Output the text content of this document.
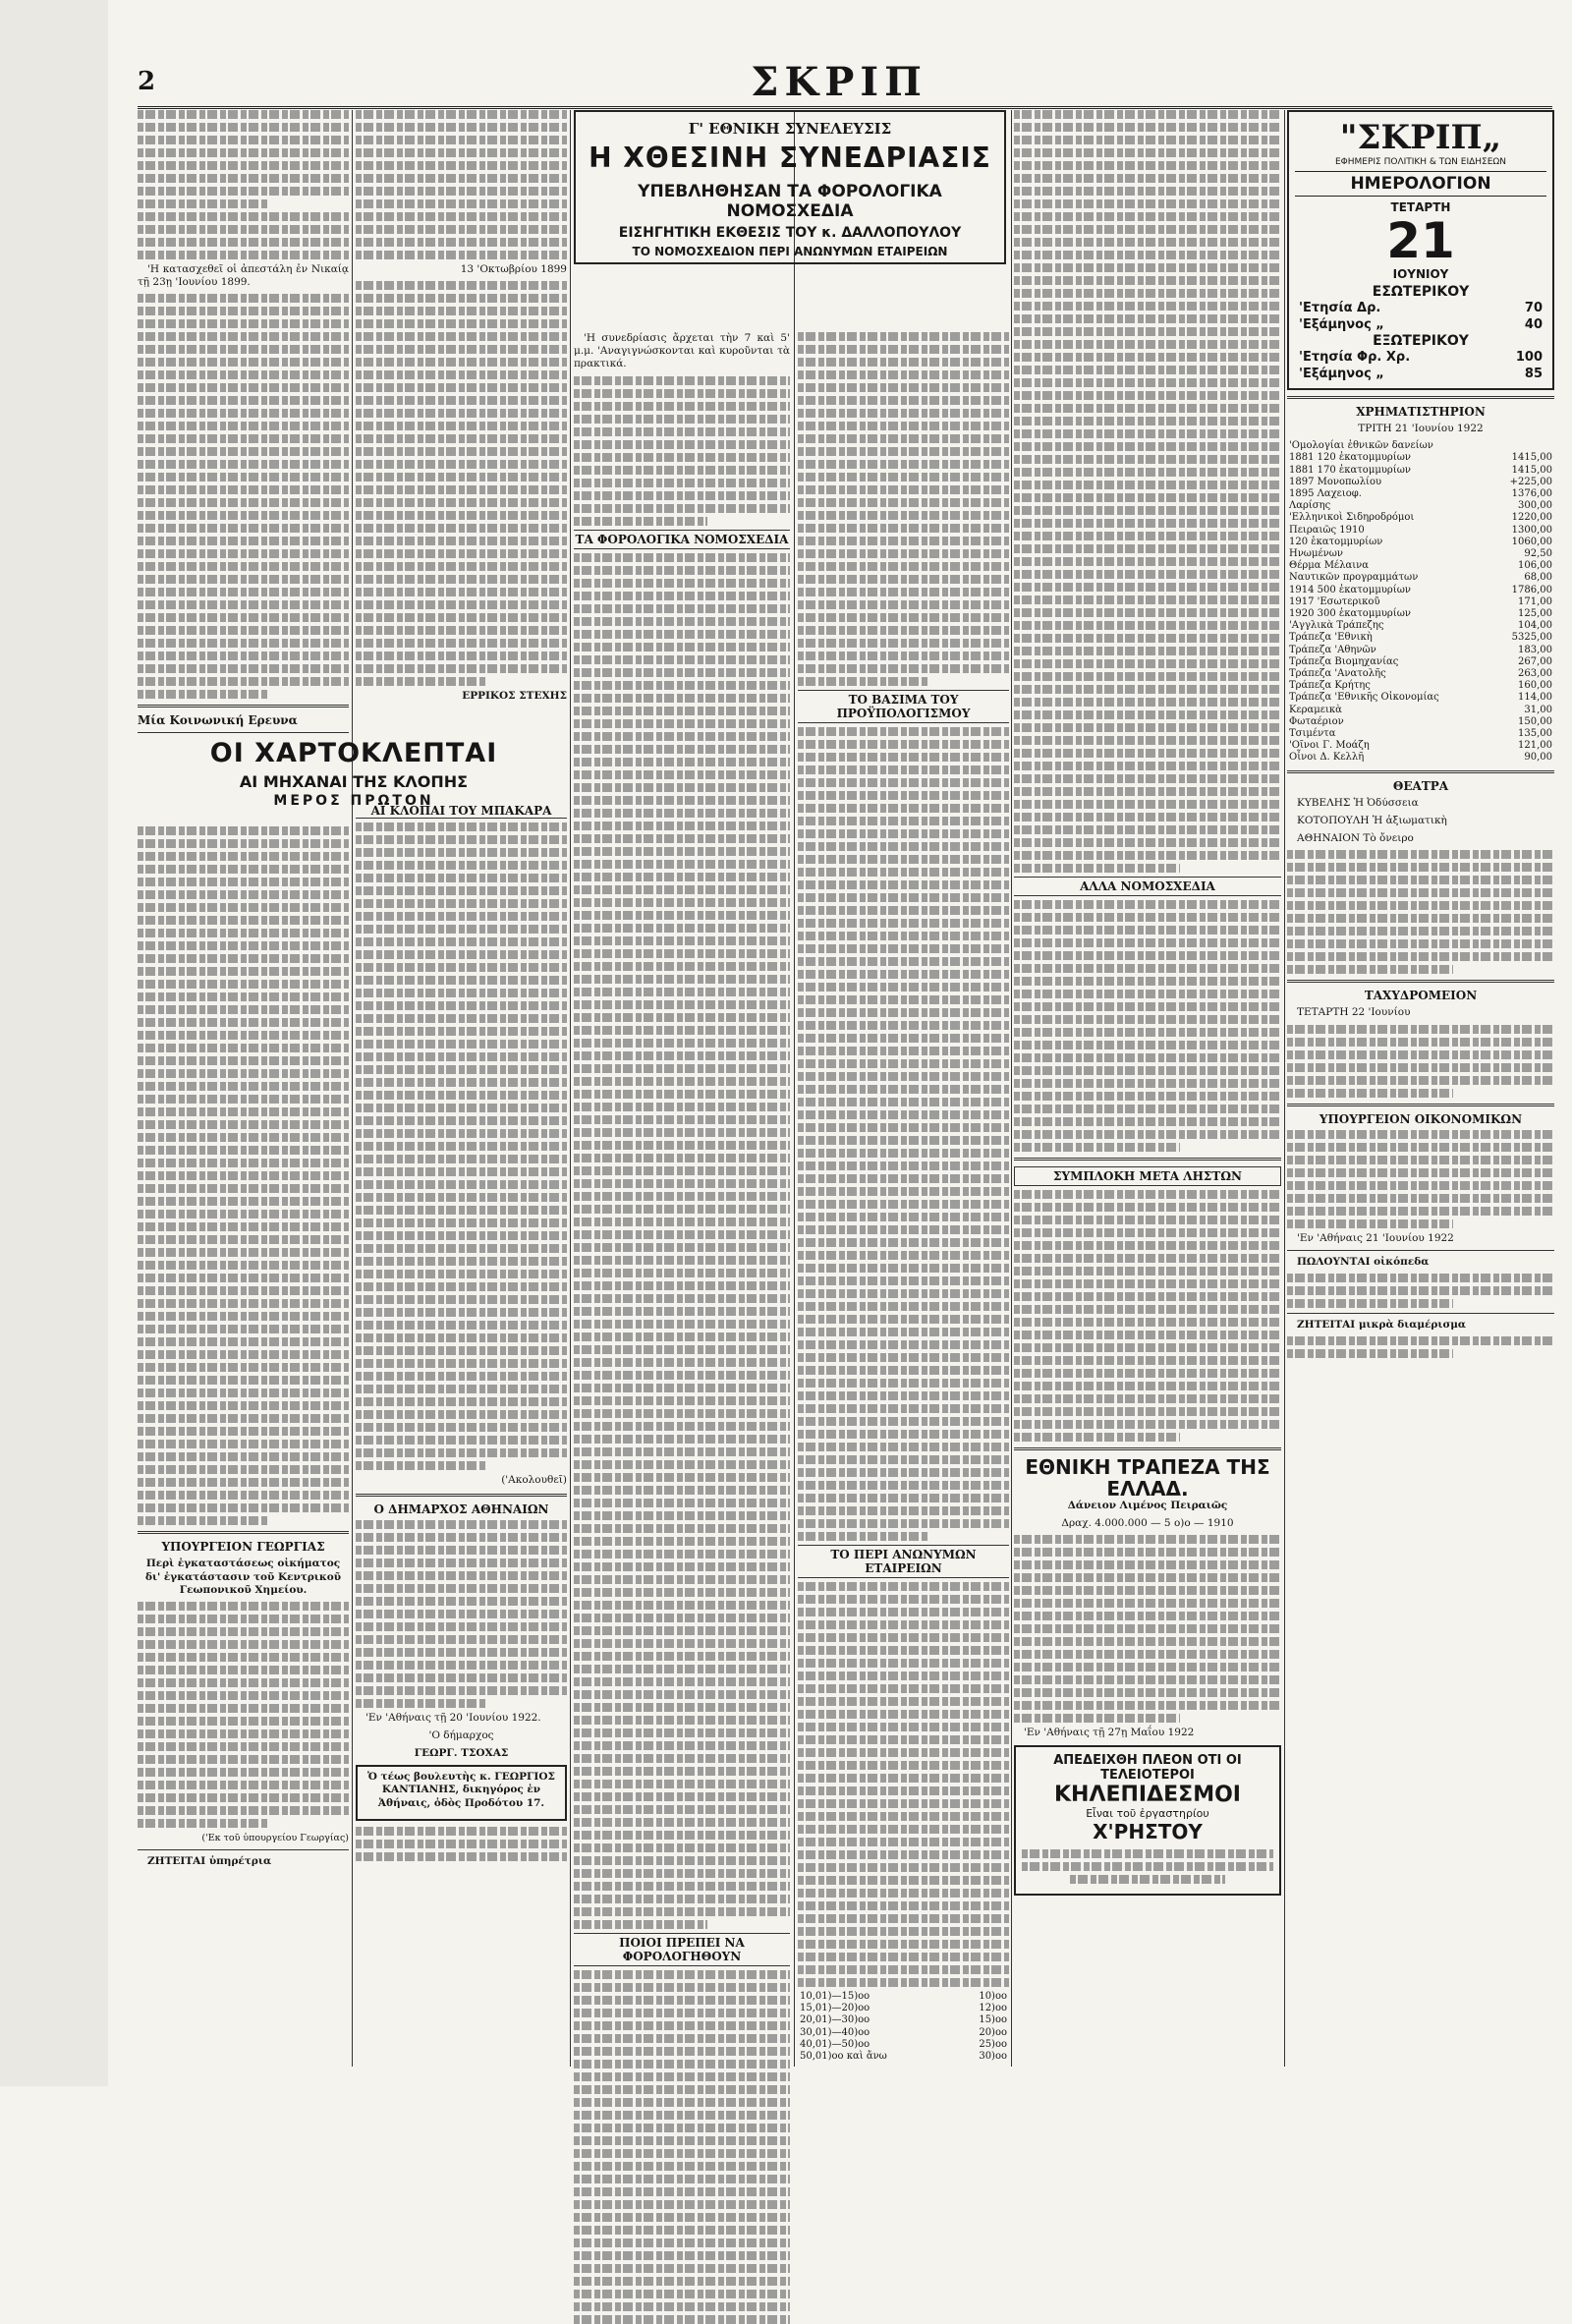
2	ΣΚΡΙΠ

'Η κατασχεθεῖ οἱ ἀπεστάλη ἐν Νικαίᾳ τῇ 23ῃ 'Ιουνίου 1899.

Μία Κοινωνική Ερευνα
ΟΙ ΧΑΡΤΟΚΛΕΠΤΑΙ
ΑΙ ΜΗΧΑΝΑΙ ΤΗΣ ΚΛΟΠΗΣ
ΜΕΡΟΣ ΠΡΩΤΟΝ
ΥΠΟΥΡΓΕΙΟΝ ΓΕΩΡΓΙΑΣ

Περὶ ἐγκαταστάσεως οἰκήματος δι' ἐγκατάστασιν τοῦ Κεντρικοῦ Γεωπονικοῦ Χημείου.

('Εκ τοῦ ὑπουργείου Γεωργίας)

ΖΗΤΕΙΤΑΙ ὑπηρέτρια

13 'Οκτωβρίου 1899

ΕΡΡΙΚΟΣ ΣΤΕΧΗΣ

ΑΙ ΚΛΟΠΑΙ ΤΟΥ ΜΠΑΚΑΡΑ

('Ακολουθεῖ)

Ο ΔΗΜΑΡΧΟΣ ΑΘΗΝΑΙΩΝ

'Εν 'Αθήναις τῇ 20 'Ιουνίου 1922.

'Ο δήμαρχος

ΓΕΩΡΓ. ΤΣΟΧΑΣ

Ὁ τέως βουλευτὴς κ. ΓΕΩΡΓΙΟΣ ΚΑΝΤΙΑΝΗΣ, δικηγόρος ἐν Ἀθήναις, ὁδὸς Προδότου 17.

Γ' ΕΘΝΙΚΗ ΣΥΝΕΛΕΥΣΙΣ
Η ΧΘΕΣΙΝΗ ΣΥΝΕΔΡΙΑΣΙΣ
ΥΠΕΒΛΗΘΗΣΑΝ ΤΑ ΦΟΡΟΛΟΓΙΚΑ ΝΟΜΟΣΧΕΔΙΑ
ΕΙΣΗΓΗΤΙΚΗ ΕΚΘΕΣΙΣ ΤΟΥ κ. ΔΑΛΛΟΠΟΥΛΟΥ
ΤΟ ΝΟΜΟΣΧΕΔΙΟΝ ΠΕΡΙ ΑΝΩΝΥΜΩΝ ΕΤΑΙΡΕΙΩΝ

'Η συνεδρίασις ἄρχεται τὴν 7 καὶ 5' μ.μ. 'Αναγιγνώσκονται καὶ κυροῦνται τὰ πρακτικά.

ΤΑ ΦΟΡΟΛΟΓΙΚΑ ΝΟΜΟΣΧΕΔΙΑ
ΠΟΙΟΙ ΠΡΕΠΕΙ ΝΑ ΦΟΡΟΛΟΓΗΘΟΥΝ
ΤΟ ΒΑΣΙΜΑ ΤΟΥ ΠΡΟΫΠΟΛΟΓΙΣΜΟΥ
ΤΟ ΠΕΡΙ ΑΝΩΝΥΜΩΝ ΕΤΑΙΡΕΙΩΝ
10,01)—15)οο	10)οο
15,01)—20)οο	12)οο
20,01)—30)οο	15)οο
30,01)—40)οο	20)οο
40,01)—50)οο	25)οο
50,01)οο καὶ ἄνω	30)οο
ΑΛΛΑ ΝΟΜΟΣΧΕΔΙΑ
ΣΥΜΠΛΟΚΗ ΜΕΤΑ ΛΗΣΤΩΝ
ΕΘΝΙΚΗ ΤΡΑΠΕΖΑ ΤΗΣ ΕΛΛΑΔ.

Δάνειον Λιμένος Πειραιῶς

Δραχ. 4.000.000 — 5 ο)ο — 1910

'Εν 'Αθήναις τῇ 27ῃ Μαΐου 1922

ΑΠΕΔΕΙΧΘΗ ΠΛΕΟΝ ΟΤΙ ΟΙ ΤΕΛΕΙΟΤΕΡΟΙ
ΚΗΛΕΠΙΔΕΣΜΟΙ
Εἶναι τοῦ ἐργαστηρίου
Χ'ΡΗΣΤΟΥ
"ΣΚΡΙΠ„
ΕΦΗΜΕΡΙΣ ΠΟΛΙΤΙΚΗ & ΤΩΝ ΕΙΔΗΣΕΩΝ
ΗΜΕΡΟΛΟΓΙΟΝ
ΤΕΤΑΡΤΗ
21
ΙΟΥΝΙΟΥ
ΕΣΩΤΕΡΙΚΟΥ
'Ετησία Δρ.	70
'Εξάμηνος „	40
ΕΞΩΤΕΡΙΚΟΥ
'Ετησία Φρ. Χρ.	100
'Εξάμηνος „	85
ΧΡΗΜΑΤΙΣΤΗΡΙΟΝ

ΤΡΙΤΗ 21 'Ιουνίου 1922

'Ομολογίαι ἐθνικῶν δανείων	
1881 120 ἑκατομμυρίων	1415,00
1881 170 ἑκατομμυρίων	1415,00
1897 Μονοπωλίου	+225,00
1895 Λαχειοφ.	1376,00
Λαρίσης	300,00
'Ελληνικοὶ Σιδηροδρόμοι	1220,00
Πειραιῶς 1910	1300,00
120 ἑκατομμυρίων	1060,00
Ηνωμένων	92,50
Θέρμα Μέλαινα	106,00
Ναυτικῶν προγραμμάτων	68,00
1914 500 ἑκατομμυρίων	1786,00
1917 'Εσωτερικοῦ	171,00
1920 300 ἑκατομμυρίων	125,00
'Αγγλικὰ Τράπεζης	104,00
Τράπεζα 'Εθνικὴ	5325,00
Τράπεζα 'Αθηνῶν	183,00
Τράπεζα Βιομηχανίας	267,00
Τράπεζα 'Ανατολῆς	263,00
Τράπεζα Κρήτης	160,00
Τράπεζα 'Εθνικῆς Οἰκονομίας	114,00
Κεραμεικὰ	31,00
Φωταέριον	150,00
Τσιμέντα	135,00
'Οῖνοι Γ. Μοάζη	121,00
Οἶνοι Δ. Κελλῆ	90,00
ΘΕΑΤΡΑ

ΚΥΒΕΛΗΣ Ἡ Ὀδύσσεια

ΚΟΤΟΠΟΥΛΗ Ἡ ἀξιωματικὴ

ΑΘΗΝΑΙΟΝ Τὸ ὄνειρο

ΤΑΧΥΔΡΟΜΕΙΟΝ

ΤΕΤΑΡΤΗ 22 'Ιουνίου

ΥΠΟΥΡΓΕΙΟΝ ΟΙΚΟΝΟΜΙΚΩΝ

'Εν 'Αθήναις 21 'Ιουνίου 1922

ΠΩΛΟΥΝΤΑΙ οἰκόπεδα

ΖΗΤΕΙΤΑΙ μικρὰ διαμέρισμα
